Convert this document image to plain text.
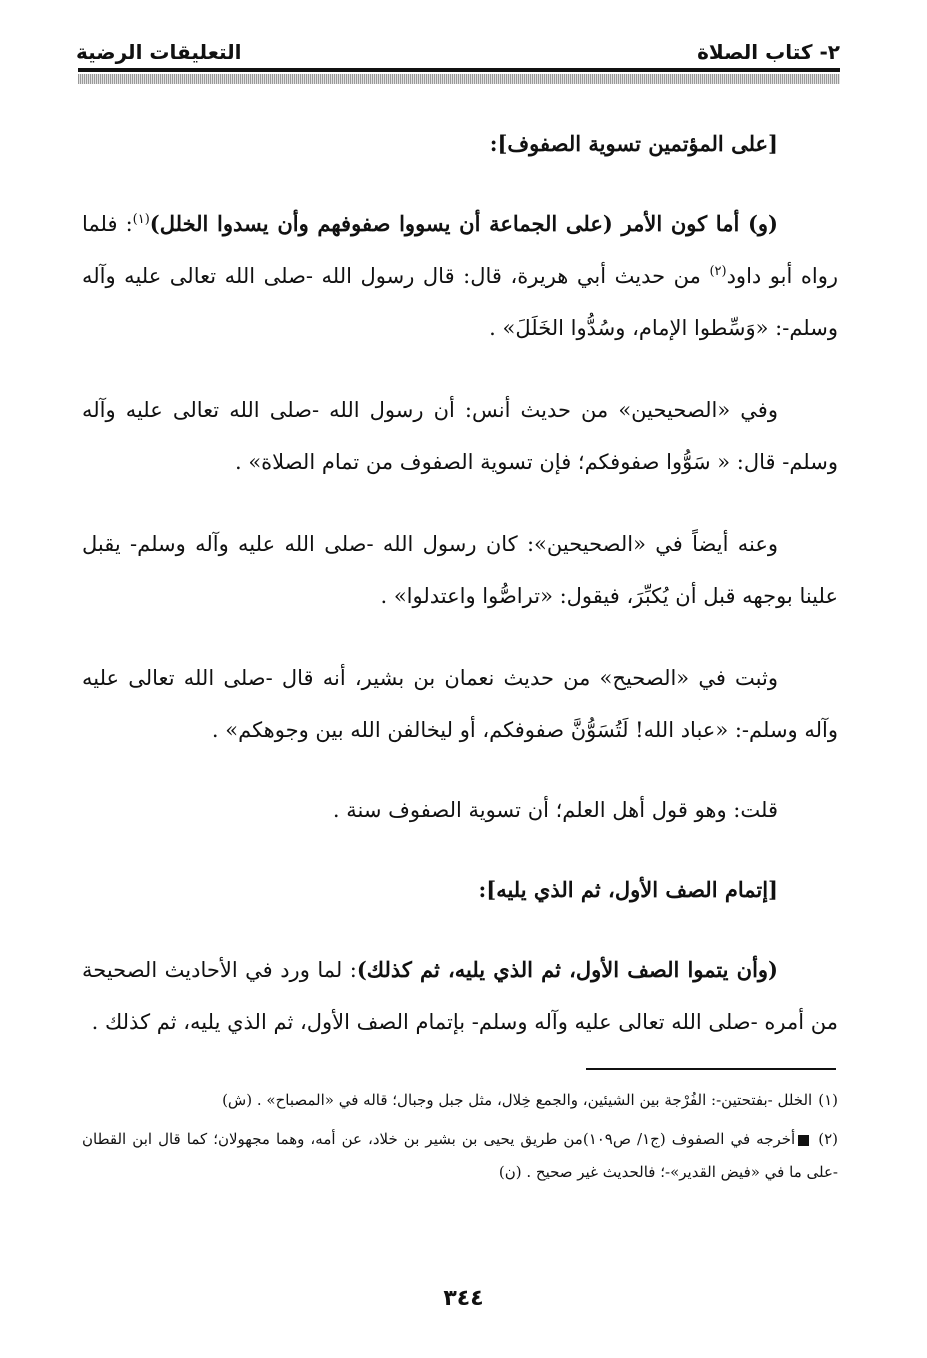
٢- كتاب الصلاة
التعليقات الرضية

[على المؤتمين تسوية الصفوف]:

(و) أما كون الأمر (على الجماعة أن يسووا صفوفهم وأن يسدوا الخلل)$^{(١)}$: فلما رواه أبو داود$^{(٢)}$ من حديث أبي هريرة، قال: قال رسول الله -صلى الله تعالى عليه وآله وسلم-: «وَسِّطوا الإمام، وسُدُّوا الخَلَلَ» .

وفي «الصحيحين» من حديث أنس: أن رسول الله -صلى الله تعالى عليه وآله وسلم- قال: « سَوُّوا صفوفكم؛ فإن تسوية الصفوف من تمام الصلاة» .

وعنه أيضاً في «الصحيحين»: كان رسول الله -صلى الله عليه وآله وسلم- يقبل علينا بوجهه قبل أن يُكبِّرَ، فيقول: «تراصُّوا واعتدلوا» .

وثبت في «الصحيح» من حديث نعمان بن بشير، أنه قال -صلى الله تعالى عليه وآله وسلم-: «عباد الله! لَتُسَوُّنَّ صفوفكم، أو ليخالفن الله بين وجوهكم» .

قلت: وهو قول أهل العلم؛ أن تسوية الصفوف سنة .

[إتمام الصف الأول، ثم الذي يليه]:

(وأن يتموا الصف الأول، ثم الذي يليه، ثم كذلك): لما ورد في الأحاديث الصحيحة من أمره -صلى الله تعالى عليه وآله وسلم- بإتمام الصف الأول، ثم الذي يليه، ثم كذلك .

(١)الخلل -بفتحتين-: الفُرْجة بين الشيئين، والجمع خِلال، مثل جبل وجبال؛ قاله في «المصباح» . (ش)

(٢)أخرجه في الصفوف (ج١/ ص١٠٩)من طريق يحيى بن بشير بن خلاد، عن أمه، وهما مجهولان؛ كما قال ابن القطان -على ما في «فيض القدير»-؛ فالحديث غير صحيح . (ن)

٣٤٤
